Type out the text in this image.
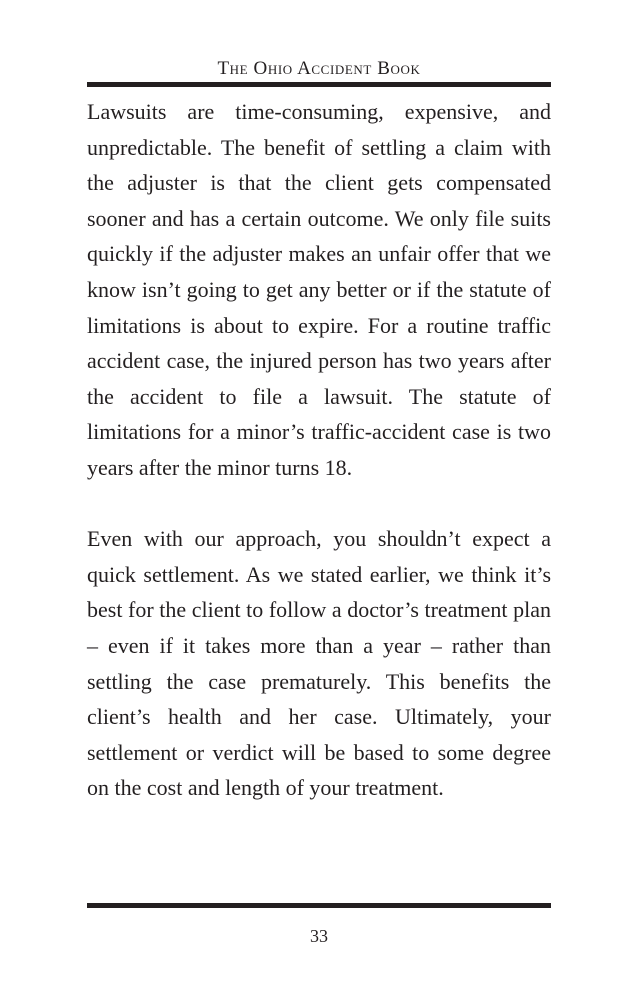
The Ohio Accident Book

Lawsuits are time-consuming, expensive, and unpredictable. The benefit of settling a claim with the adjuster is that the client gets compensated sooner and has a certain outcome. We only file suits quickly if the adjuster makes an unfair offer that we know isn’t going to get any better or if the statute of limitations is about to expire. For a routine traffic accident case, the injured person has two years after the accident to file a lawsuit. The statute of limitations for a minor’s traffic-accident case is two years after the minor turns 18.

Even with our approach, you shouldn’t expect a quick settlement. As we stated earlier, we think it’s best for the client to follow a doctor’s treatment plan – even if it takes more than a year – rather than settling the case prematurely. This benefits the client’s health and her case. Ultimately, your settlement or verdict will be based to some degree on the cost and length of your treatment.

33
